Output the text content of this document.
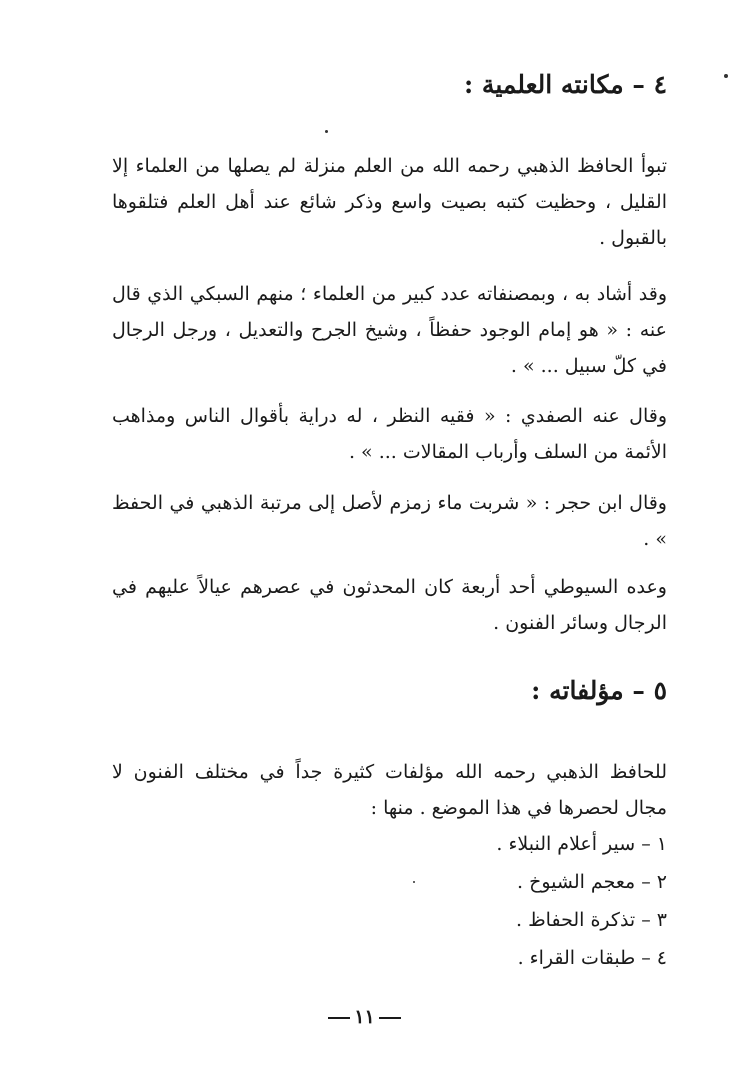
٤ – مكانته العلمية :
تبوأ الحافظ الذهبي رحمه الله من العلم منزلة لم يصلها من العلماء إلا القليل ، وحظيت كتبه بصيت واسع وذكر شائع عند أهل العلم فتلقوها بالقبول .
وقد أشاد به ، وبمصنفاته عدد كبير من العلماء ؛ منهم السبكي الذي قال عنه : « هو إمام الوجود حفظاً ، وشيخ الجرح والتعديل ، ورجل الرجال في كلّ سبيل ... » .
وقال عنه الصفدي : « فقيه النظر ، له دراية بأقوال الناس ومذاهب الأئمة من السلف وأرباب المقالات ... » .
وقال ابن حجر : « شربت ماء زمزم لأصل إلى مرتبة الذهبي في الحفظ » .
وعده السيوطي أحد أربعة كان المحدثون في عصرهم عيالاً عليهم في الرجال وسائر الفنون .
٥ – مؤلفاته :
للحافظ الذهبي رحمه الله مؤلفات كثيرة جداً في مختلف الفنون لا مجال لحصرها في هذا الموضع . منها :
١ – سير أعلام النبلاء .
٢ – معجم الشيوخ .
٣ – تذكرة الحفاظ .
٤ – طبقات القراء .
١١
